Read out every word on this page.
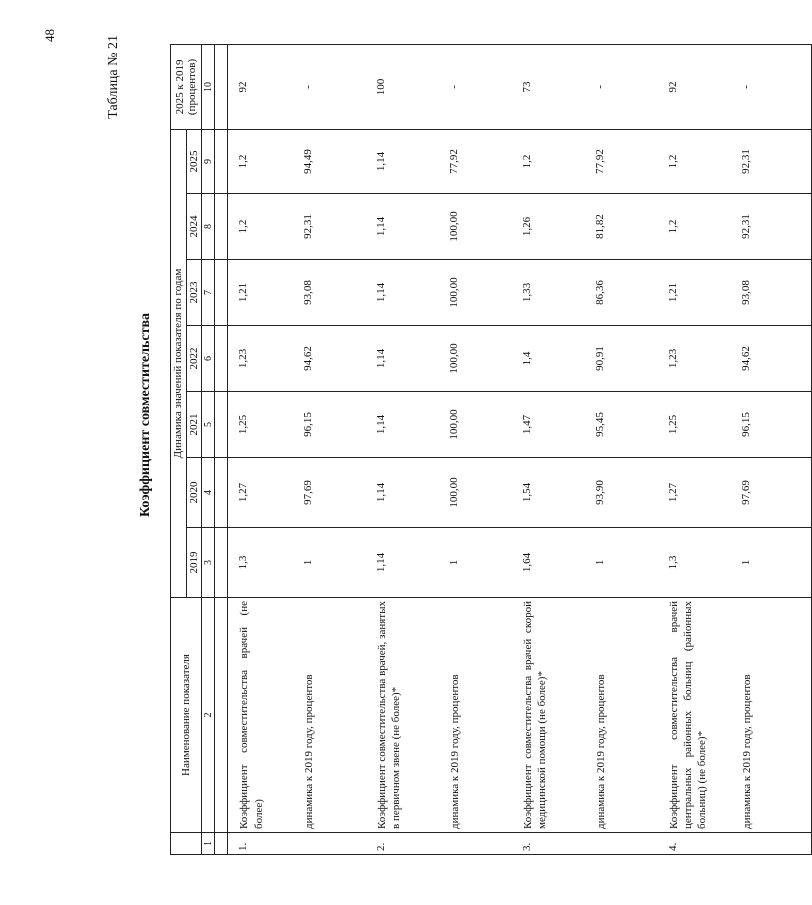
48	Таблица № 21
Коэффициент совместительства
	Наименование показателя	Динамика значений показателя по годам							2025 к 2019 (процентов)
		2019	2020	2021	2022	2023	2024	2025	
1	2	3	4	5	6	7	8	9	10

1.	Коэффициент совместительства врачей (не более)	1,3	1,27	1,25	1,23	1,21	1,2	1,2	92
	динамика к 2019 году, процентов	1	97,69	96,15	94,62	93,08	92,31	94,49	-
2.	Коэффициент совместительства врачей, занятых в первичном звене (не более)*	1,14	1,14	1,14	1,14	1,14	1,14	1,14	100
	динамика к 2019 году, процентов	1	100,00	100,00	100,00	100,00	100,00	77,92	-
3.	Коэффициент совместительства врачей скорой медицинской помощи (не более)*	1,64	1,54	1,47	1,4	1,33	1,26	1,2	73
	динамика к 2019 году, процентов	1	93,90	95,45	90,91	86,36	81,82	77,92	-
4.	Коэффициент совместительства врачей центральных районных больниц (районных больниц) (не более)*	1,3	1,27	1,25	1,23	1,21	1,2	1,2	92
	динамика к 2019 году, процентов	1	97,69	96,15	94,62	93,08	92,31	92,31	-
